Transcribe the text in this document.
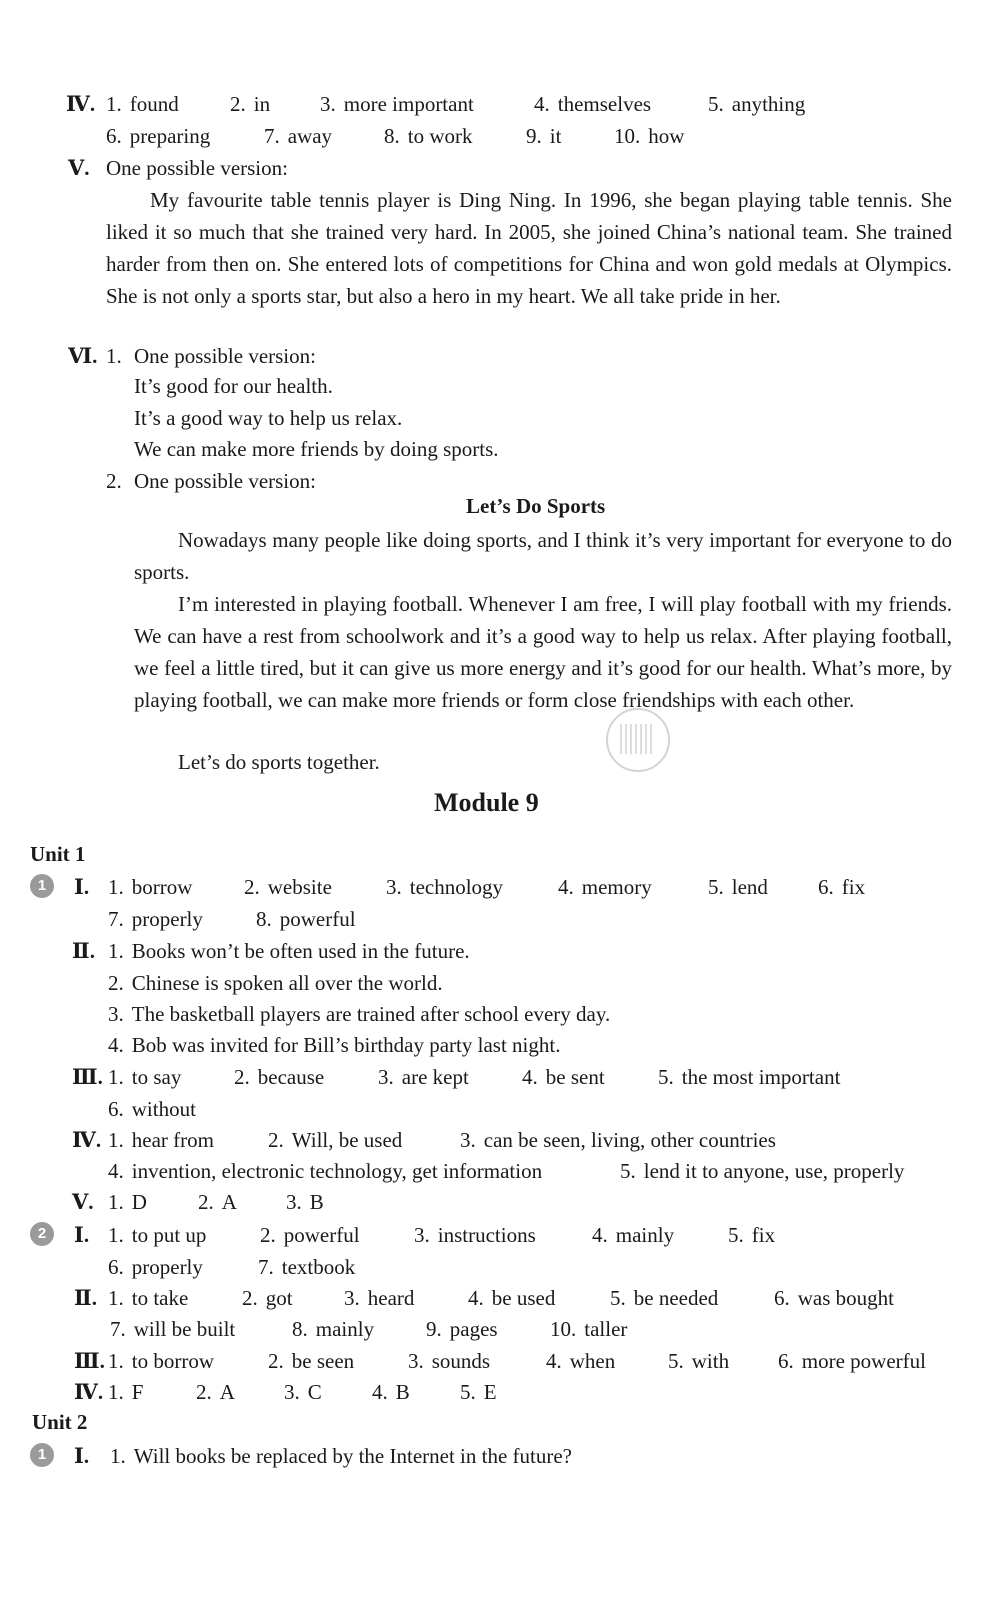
Ⅳ. 1. found 2. in 3. more important	4. themselves	5. anything
6. preparing	7. away 8. to work	9. it	10. how
Ⅴ. One possible version:
My favourite table tennis player is Ding Ning. In 1996, she began playing table tennis. She liked it so much that she trained very hard. In 2005, she joined China’s national team. She trained harder from then on. She entered lots of competitions for China and won gold medals at Olympics. She is not only a sports star, but also a hero in my heart. We all take pride in her.
Ⅵ. 1. One possible version:
It’s good for our health.
It’s a good way to help us relax.
We can make more friends by doing sports.
2. One possible version:
Let’s Do Sports
Nowadays many people like doing sports, and I think it’s very important for everyone to do sports.
I’m interested in playing football. Whenever I am free, I will play football with my friends. We can have a rest from schoolwork and it’s a good way to help us relax. After playing football, we feel a little tired, but it can give us more energy and it’s good for our health. What’s more, by playing football, we can make more friends or form close friendships with each other.
Let’s do sports together.
Module 9
Unit 1
1	Ⅰ. 1. borrow 2. website	3. technology	4. memory	5. lend 6. fix
7. properly	8. powerful
Ⅱ. 1. Books won’t be often used in the future.
2. Chinese is spoken all over the world.
3. The basketball players are trained after school every day.
4. Bob was invited for Bill’s birthday party last night.
Ⅲ. 1. to say	2. because	3. are kept	4. be sent	5. the most important
6. without
Ⅳ. 1. hear from	2. Will, be used	3. can be seen, living, other countries
4. invention, electronic technology, get information	5. lend it to anyone, use, properly
Ⅴ. 1. D 2. A 3. B
2	Ⅰ. 1. to put up	2. powerful	3. instructions	4. mainly	5. fix
6. properly	7. textbook
Ⅱ. 1. to take	2. got 3. heard	4. be used	5. be needed	6. was bought
7. will be built	8. mainly 9. pages 10. taller
Ⅲ. 1. to borrow	2. be seen	3. sounds	4. when	5. with 6. more powerful
Ⅳ. 1. F	2. A 3. C 4. B 5. E
Unit 2
1	Ⅰ. 1. Will books be replaced by the Internet in the future?
